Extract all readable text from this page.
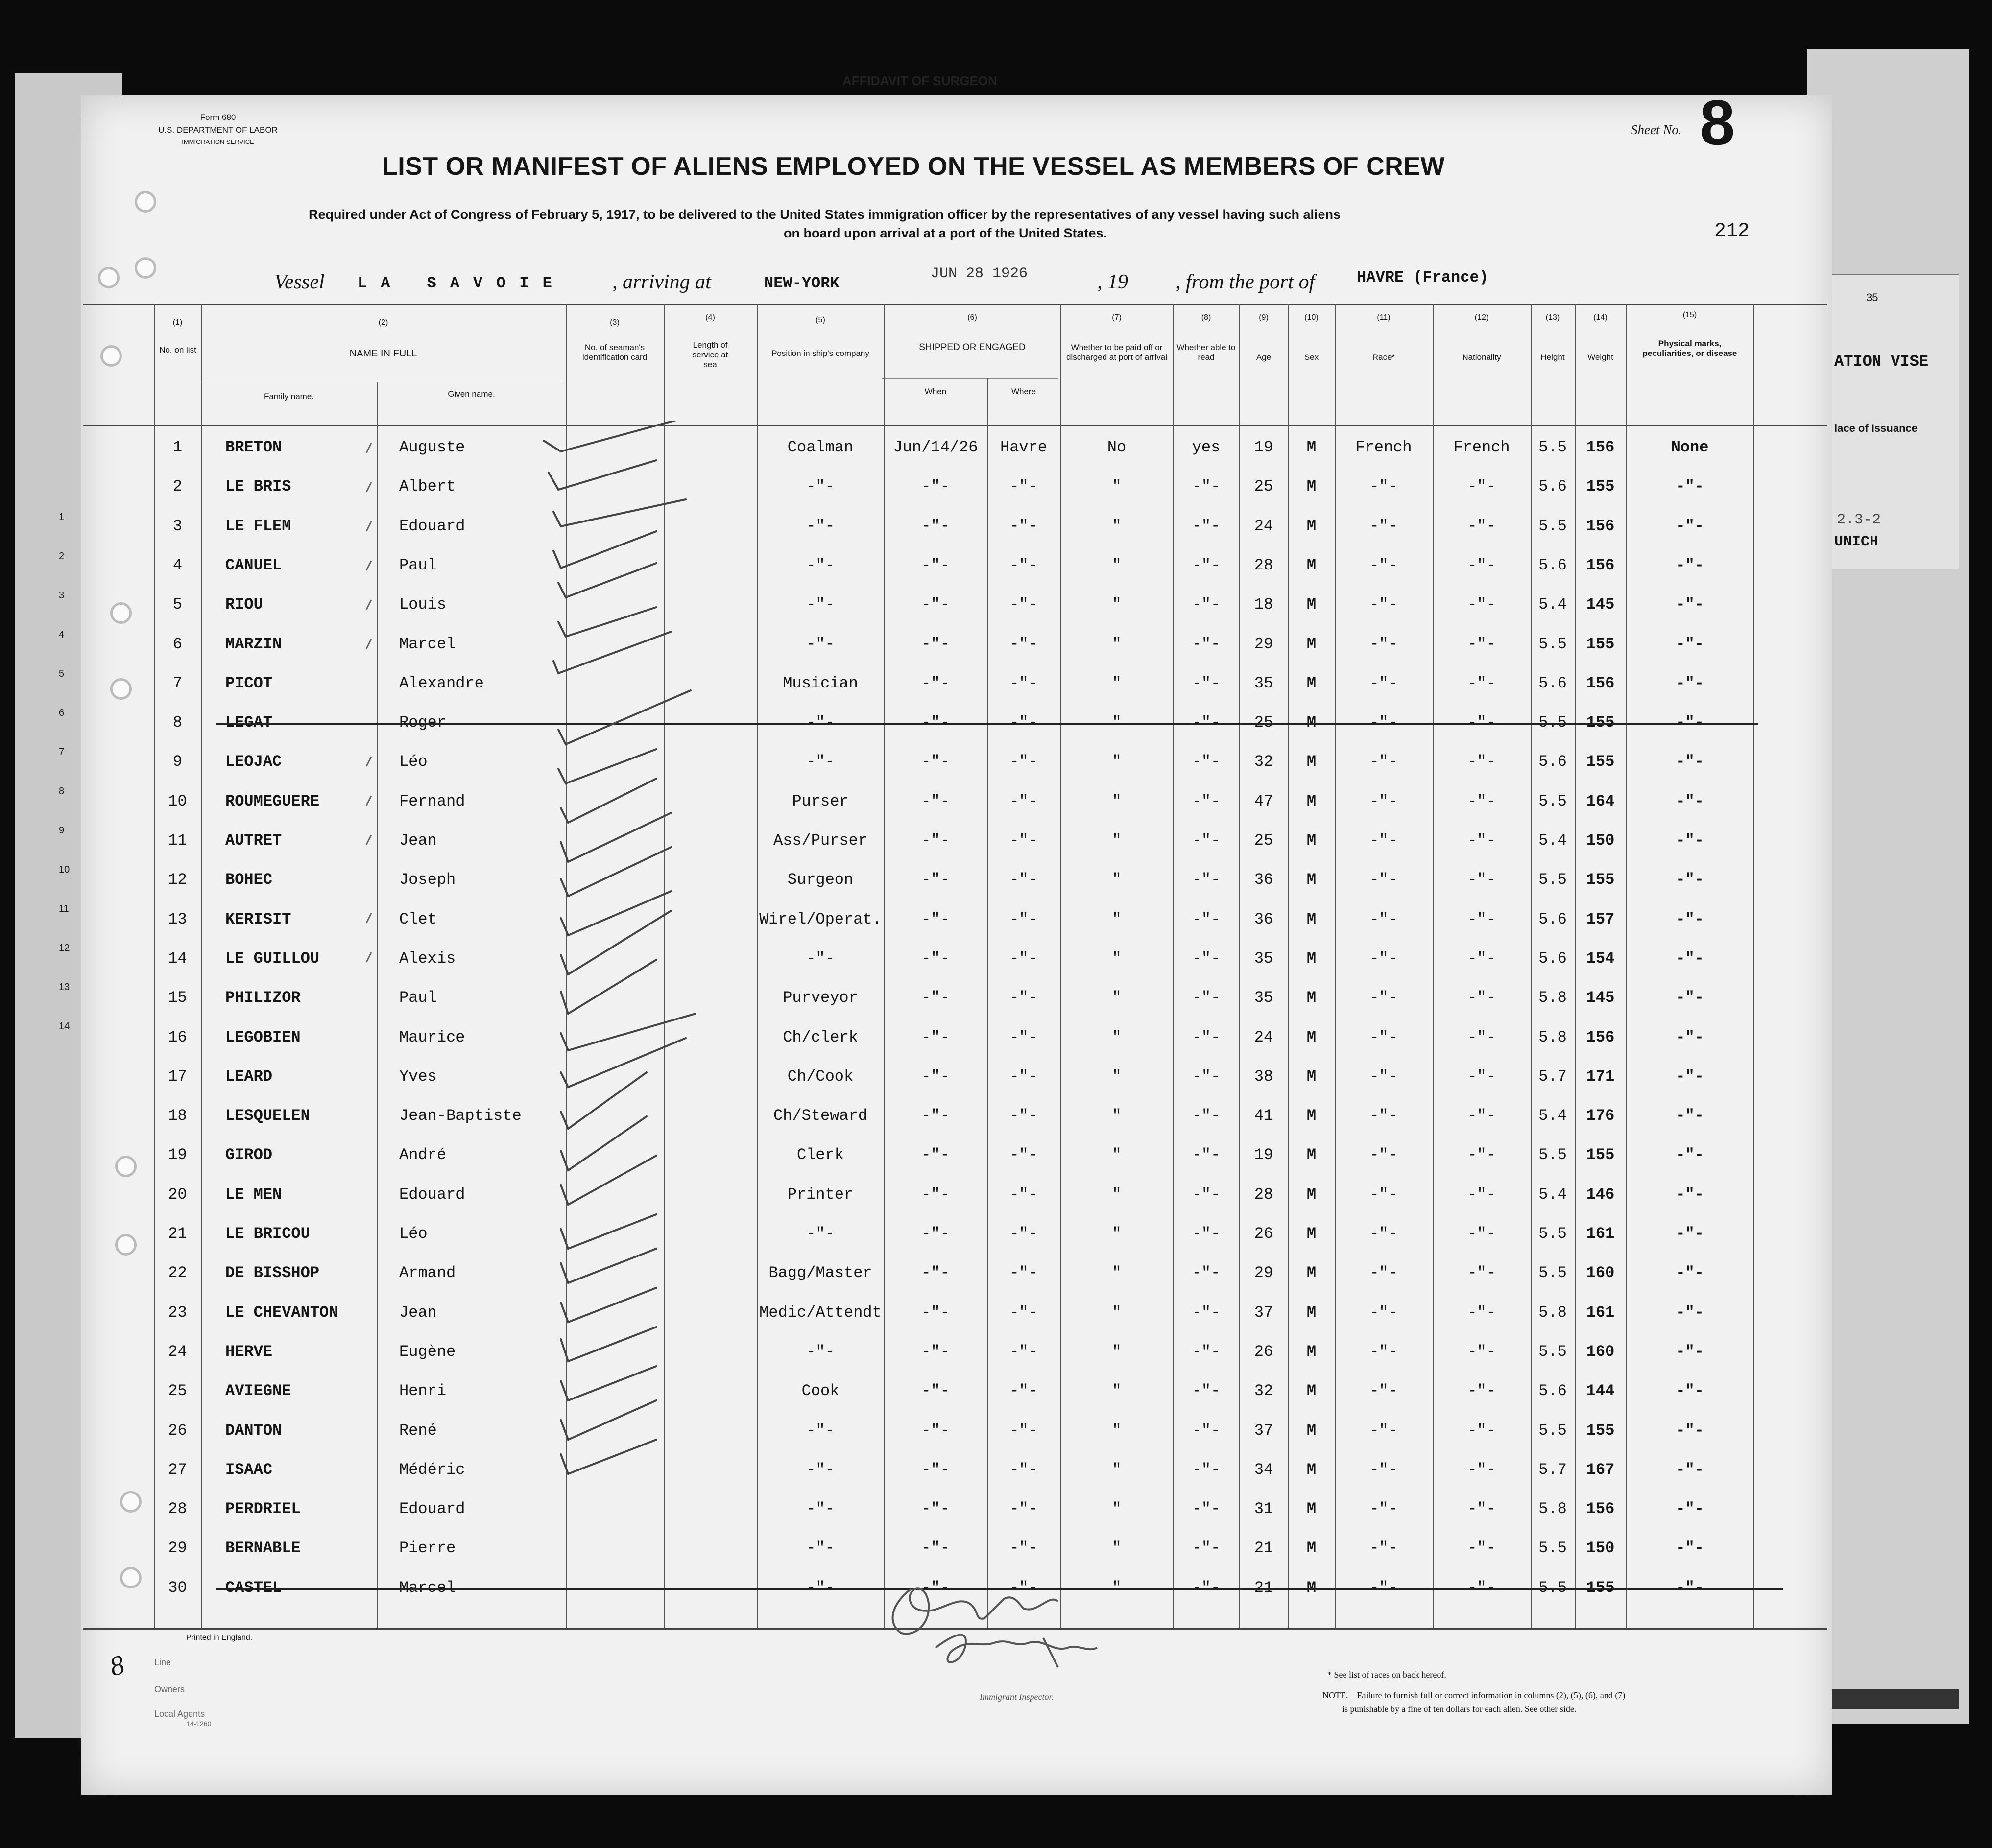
AFFIDAVIT OF SURGEON
35
ATION VISE
lace of Issuance
2.3-2
UNICH
1
2
3
4
5
6
7
8
9
10
11
12
13
14
Form 680
U.S. DEPARTMENT OF LABOR
IMMIGRATION SERVICE
LIST OR MANIFEST OF ALIENS EMPLOYED ON THE VESSEL AS MEMBERS OF CREW
Required under Act of Congress of February 5, 1917, to be delivered to the United States immigration officer by the representatives of any vessel having such aliens
on board upon arrival at a port of the United States.
Sheet No. 8
212
Vessel LA SAVOIE , arriving at	NEW-YORK
JUN 28 1926	, 19 , from the port of	HAVRE (France)
(1)	(2)	(3)
(4)	(5)	(6)	(7)	(8)	(9)	(10)	(11)	(12)	(13)	(14)	(15)
No. on list	NAME IN FULL
Family name.	Given name.
No. of seaman's identification card
Length of service at sea
Position in ship's company
SHIPPED OR ENGAGED
When	Where
Whether to be paid off or discharged at port of arrival
Whether able to read	Age	Sex	Race*	Nationality	Height	Weight
Physical marks, peculiarities, or disease
1	BRETON	Auguste	Coalman	Jun/14/26	Havre	No	yes	19	M	French	French	5.5	156	None
2	LE BRIS	Albert	-"-	-"-	-"-	"	-"-	25	M	-"-	-"-	5.6	155	-"-
3	LE FLEM	Edouard	-"-	-"-	-"-	"	-"-	24	M	-"-	-"-	5.5	156	-"-
4	CANUEL	Paul	-"-	-"-	-"-	"	-"-	28	M	-"-	-"-	5.6	156	-"-
5	RIOU	Louis	-"-	-"-	-"-	"	-"-	18	M	-"-	-"-	5.4	145	-"-
6	MARZIN	Marcel	-"-	-"-	-"-	"	-"-	29	M	-"-	-"-	5.5	155	-"-
7	PICOT	Alexandre	Musician	-"-	-"-	"	-"-	35	M	-"-	-"-	5.6	156	-"-
8	LEGAT	Roger	-"-	-"-	-"-	"	-"-	25	M	-"-	-"-	5.5	155	-"-
9	LEOJAC	Léo	-"-	-"-	-"-	"	-"-	32	M	-"-	-"-	5.6	155	-"-
10	ROUMEGUERE	Fernand	Purser	-"-	-"-	"	-"-	47	M	-"-	-"-	5.5	164	-"-
11	AUTRET	Jean	Ass/Purser	-"-	-"-	"	-"-	25	M	-"-	-"-	5.4	150	-"-
12	BOHEC	Joseph	Surgeon	-"-	-"-	"	-"-	36	M	-"-	-"-	5.5	155	-"-
13	KERISIT	Clet	Wirel/Operat.	-"-	-"-	"	-"-	36	M	-"-	-"-	5.6	157	-"-
14	LE GUILLOU	Alexis	-"-	-"-	-"-	"	-"-	35	M	-"-	-"-	5.6	154	-"-
15	PHILIZOR	Paul	Purveyor	-"-	-"-	"	-"-	35	M	-"-	-"-	5.8	145	-"-
16	LEGOBIEN	Maurice	Ch/clerk	-"-	-"-	"	-"-	24	M	-"-	-"-	5.8	156	-"-
17	LEARD	Yves	Ch/Cook	-"-	-"-	"	-"-	38	M	-"-	-"-	5.7	171	-"-
18	LESQUELEN	Jean-Baptiste	Ch/Steward	-"-	-"-	"	-"-	41	M	-"-	-"-	5.4	176	-"-
19	GIROD	André	Clerk	-"-	-"-	"	-"-	19	M	-"-	-"-	5.5	155	-"-
20	LE MEN	Edouard	Printer	-"-	-"-	"	-"-	28	M	-"-	-"-	5.4	146	-"-
21	LE BRICOU	Léo	-"-	-"-	-"-	"	-"-	26	M	-"-	-"-	5.5	161	-"-
22	DE BISSHOP	Armand	Bagg/Master	-"-	-"-	"	-"-	29	M	-"-	-"-	5.5	160	-"-
23	LE CHEVANTON	Jean	Medic/Attendt	-"-	-"-	"	-"-	37	M	-"-	-"-	5.8	161	-"-
24	HERVE	Eugène	-"-	-"-	-"-	"	-"-	26	M	-"-	-"-	5.5	160	-"-
25	AVIEGNE	Henri	Cook	-"-	-"-	"	-"-	32	M	-"-	-"-	5.6	144	-"-
26	DANTON	René	-"-	-"-	-"-	"	-"-	37	M	-"-	-"-	5.5	155	-"-
27	ISAAC	Médéric	-"-	-"-	-"-	"	-"-	34	M	-"-	-"-	5.7	167	-"-
28	PERDRIEL	Edouard	-"-	-"-	-"-	"	-"-	31	M	-"-	-"-	5.8	156	-"-
29	BERNABLE	Pierre	-"-	-"-	-"-	"	-"-	21	M	-"-	-"-	5.5	150	-"-
30	CASTEL	Marcel	-"-	-"-	-"-	"	-"-	21	M	-"-	-"-	5.5	155	-"-
Printed in England.
8	Line
Owners
Local Agents
14-1260
Immigrant Inspector.
* See list of races on back hereof.
NOTE.—Failure to furnish full or correct information in columns (2), (5), (6), and (7)
is punishable by a fine of ten dollars for each alien. See other side.
